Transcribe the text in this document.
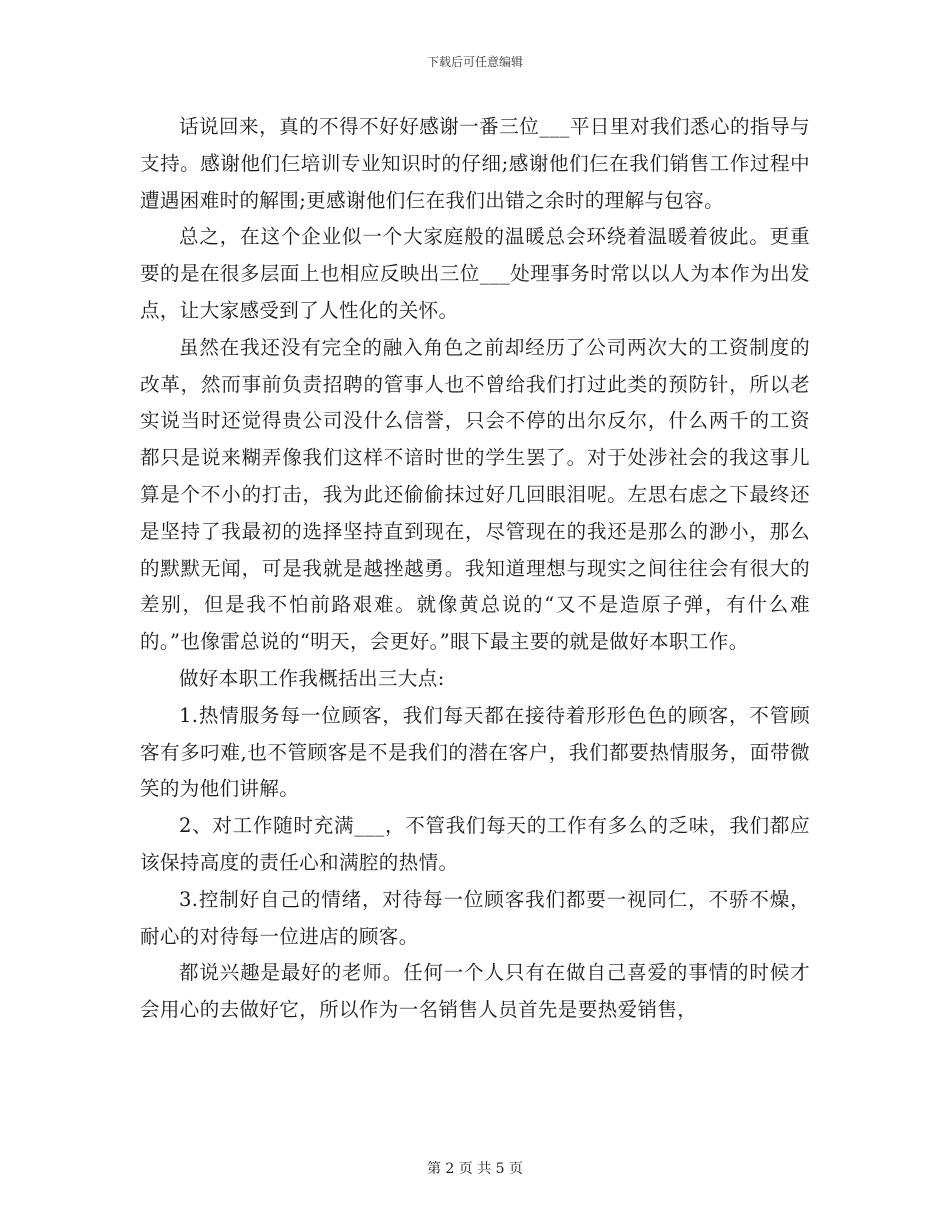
下载后可任意编辑

话说回来，真的不得不好好感谢一番三位___平日里对我们悉心的指导与支持。感谢他们仨培训专业知识时的仔细;感谢他们仨在我们销售工作过程中遭遇困难时的解围;更感谢他们仨在我们出错之余时的理解与包容。

总之，在这个企业似一个大家庭般的温暖总会环绕着温暖着彼此。更重要的是在很多层面上也相应反映出三位___处理事务时常以以人为本作为出发点，让大家感受到了人性化的关怀。

虽然在我还没有完全的融入角色之前却经历了公司两次大的工资制度的改革，然而事前负责招聘的管事人也不曾给我们打过此类的预防针，所以老实说当时还觉得贵公司没什么信誉，只会不停的出尔反尔，什么两千的工资都只是说来糊弄像我们这样不谙时世的学生罢了。对于处涉社会的我这事儿算是个不小的打击，我为此还偷偷抹过好几回眼泪呢。左思右虑之下最终还是坚持了我最初的选择坚持直到现在，尽管现在的我还是那么的渺小，那么的默默无闻，可是我就是越挫越勇。我知道理想与现实之间往往会有很大的差别，但是我不怕前路艰难。就像黄总说的“又不是造原子弹，有什么难的。”也像雷总说的“明天，会更好。”眼下最主要的就是做好本职工作。

做好本职工作我概括出三大点:

1.热情服务每一位顾客，我们每天都在接待着形形色色的顾客，不管顾客有多叼难,也不管顾客是不是我们的潜在客户，我们都要热情服务，面带微笑的为他们讲解。

2、对工作随时充满___，不管我们每天的工作有多么的乏味，我们都应该保持高度的责任心和满腔的热情。

3.控制好自己的情绪，对待每一位顾客我们都要一视同仁，不骄不燥，耐心的对待每一位进店的顾客。

都说兴趣是最好的老师。任何一个人只有在做自己喜爱的事情的时候才会用心的去做好它，所以作为一名销售人员首先是要热爱销售，

第 2 页 共 5 页
